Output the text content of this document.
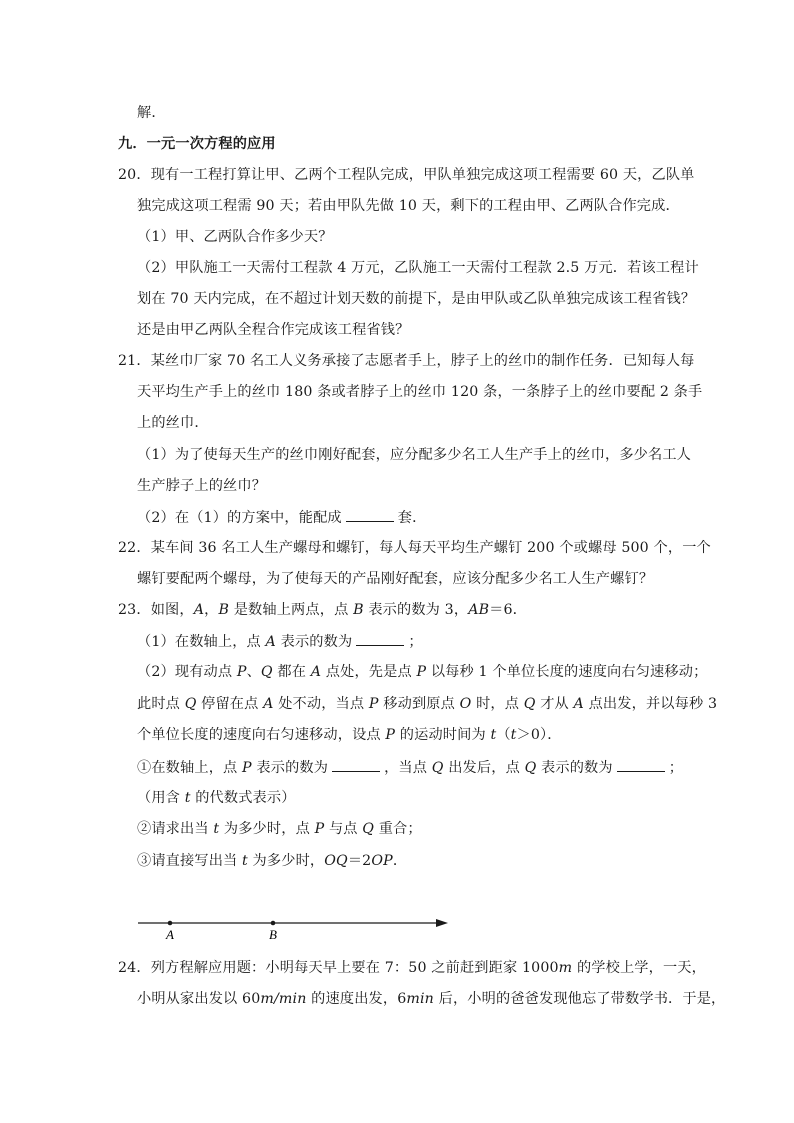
解．
九．一元一次方程的应用
20．现有一工程打算让甲、乙两个工程队完成，甲队单独完成这项工程需要 60 天，乙队单
独完成这项工程需 90 天；若由甲队先做 10 天，剩下的工程由甲、乙两队合作完成．
（1）甲、乙两队合作多少天？
（2）甲队施工一天需付工程款 4 万元，乙队施工一天需付工程款 2.5 万元．若该工程计
划在 70 天内完成，在不超过计划天数的前提下，是由甲队或乙队单独完成该工程省钱？
还是由甲乙两队全程合作完成该工程省钱？
21．某丝巾厂家 70 名工人义务承接了志愿者手上，脖子上的丝巾的制作任务．已知每人每
天平均生产手上的丝巾 180 条或者脖子上的丝巾 120 条，一条脖子上的丝巾要配 2 条手
上的丝巾．
（1）为了使每天生产的丝巾刚好配套，应分配多少名工人生产手上的丝巾，多少名工人
生产脖子上的丝巾？
（2）在（1）的方案中，能配成	套．
22．某车间 36 名工人生产螺母和螺钉，每人每天平均生产螺钉 200 个或螺母 500 个，一个
螺钉要配两个螺母，为了使每天的产品刚好配套，应该分配多少名工人生产螺钉？
23．如图，A，B 是数轴上两点，点 B 表示的数为 3，AB＝6．
（1）在数轴上，点 A 表示的数为	；
（2）现有动点 P、Q 都在 A 点处，先是点 P 以每秒 1 个单位长度的速度向右匀速移动；
此时点 Q 停留在点 A 处不动，当点 P 移动到原点 O 时，点 Q 才从 A 点出发，并以每秒 3
个单位长度的速度向右匀速移动，设点 P 的运动时间为 t（t＞0）．
①在数轴上，点 P 表示的数为	，当点 Q 出发后，点 Q 表示的数为	；
（用含 t 的代数式表示）
②请求出当 t 为多少时，点 P 与点 Q 重合；
③请直接写出当 t 为多少时，OQ＝2OP．
A	B
24．列方程解应用题：小明每天早上要在 7：50 之前赶到距家 1000m 的学校上学，一天，
小明从家出发以 60m/min 的速度出发，6min 后，小明的爸爸发现他忘了带数学书．于是，
